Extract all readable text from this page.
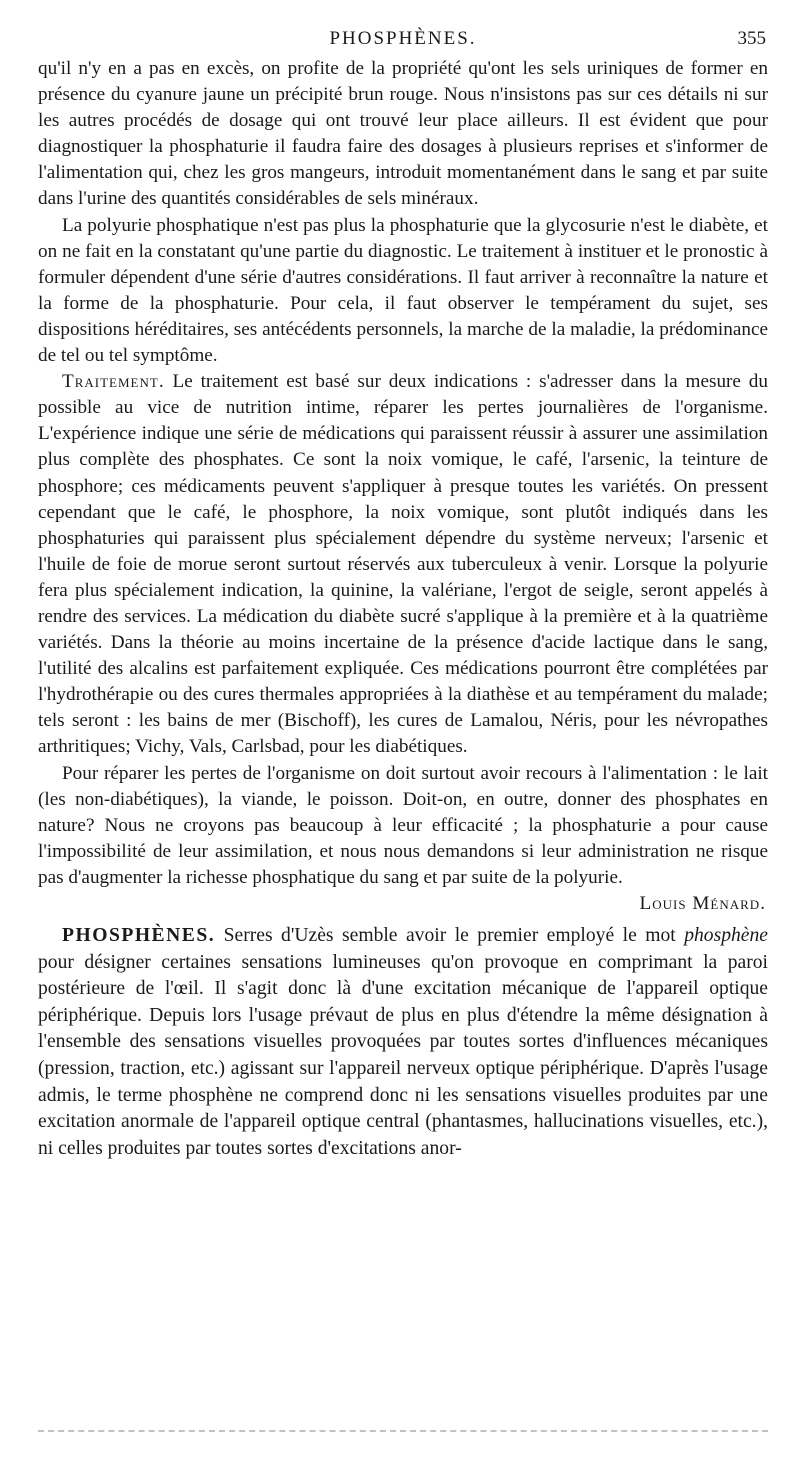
PHOSPHÈNES.	355

qu'il n'y en a pas en excès, on profite de la propriété qu'ont les sels uriniques de former en présence du cyanure jaune un précipité brun rouge. Nous n'insistons pas sur ces détails ni sur les autres procédés de dosage qui ont trouvé leur place ailleurs. Il est évident que pour diagnostiquer la phosphaturie il faudra faire des dosages à plusieurs reprises et s'informer de l'alimentation qui, chez les gros mangeurs, introduit momentanément dans le sang et par suite dans l'urine des quantités considérables de sels minéraux.

La polyurie phosphatique n'est pas plus la phosphaturie que la glycosurie n'est le diabète, et on ne fait en la constatant qu'une partie du diagnostic. Le traitement à instituer et le pronostic à formuler dépendent d'une série d'autres considérations. Il faut arriver à reconnaître la nature et la forme de la phosphaturie. Pour cela, il faut observer le tempérament du sujet, ses dispositions héréditaires, ses antécédents personnels, la marche de la maladie, la prédominance de tel ou tel symptôme.

Traitement. Le traitement est basé sur deux indications : s'adresser dans la mesure du possible au vice de nutrition intime, réparer les pertes journalières de l'organisme. L'expérience indique une série de médications qui paraissent réussir à assurer une assimilation plus complète des phosphates. Ce sont la noix vomique, le café, l'arsenic, la teinture de phosphore; ces médicaments peuvent s'appliquer à presque toutes les variétés. On pressent cependant que le café, le phosphore, la noix vomique, sont plutôt indiqués dans les phosphaturies qui paraissent plus spécialement dépendre du système nerveux; l'arsenic et l'huile de foie de morue seront surtout réservés aux tuberculeux à venir. Lorsque la polyurie fera plus spécialement indication, la quinine, la valériane, l'ergot de seigle, seront appelés à rendre des services. La médication du diabète sucré s'applique à la première et à la quatrième variétés. Dans la théorie au moins incertaine de la présence d'acide lactique dans le sang, l'utilité des alcalins est parfaitement expliquée. Ces médications pourront être complétées par l'hydrothérapie ou des cures thermales appropriées à la diathèse et au tempérament du malade; tels seront : les bains de mer (Bischoff), les cures de Lamalou, Néris, pour les névropathes arthritiques; Vichy, Vals, Carlsbad, pour les diabétiques.

Pour réparer les pertes de l'organisme on doit surtout avoir recours à l'alimentation : le lait (les non-diabétiques), la viande, le poisson. Doit-on, en outre, donner des phosphates en nature? Nous ne croyons pas beaucoup à leur efficacité ; la phosphaturie a pour cause l'impossibilité de leur assimilation, et nous nous demandons si leur administration ne risque pas d'augmenter la richesse phosphatique du sang et par suite de la polyurie.
Louis Ménard.

PHOSPHÈNES. Serres d'Uzès semble avoir le premier employé le mot phosphène pour désigner certaines sensations lumineuses qu'on provoque en comprimant la paroi postérieure de l'œil. Il s'agit donc là d'une excitation mécanique de l'appareil optique périphérique. Depuis lors l'usage prévaut de plus en plus d'étendre la même désignation à l'ensemble des sensations visuelles provoquées par toutes sortes d'influences mécaniques (pression, traction, etc.) agissant sur l'appareil nerveux optique périphérique. D'après l'usage admis, le terme phosphène ne comprend donc ni les sensations visuelles produites par une excitation anormale de l'appareil optique central (phantasmes, hallucinations visuelles, etc.), ni celles produites par toutes sortes d'excitations anor-
